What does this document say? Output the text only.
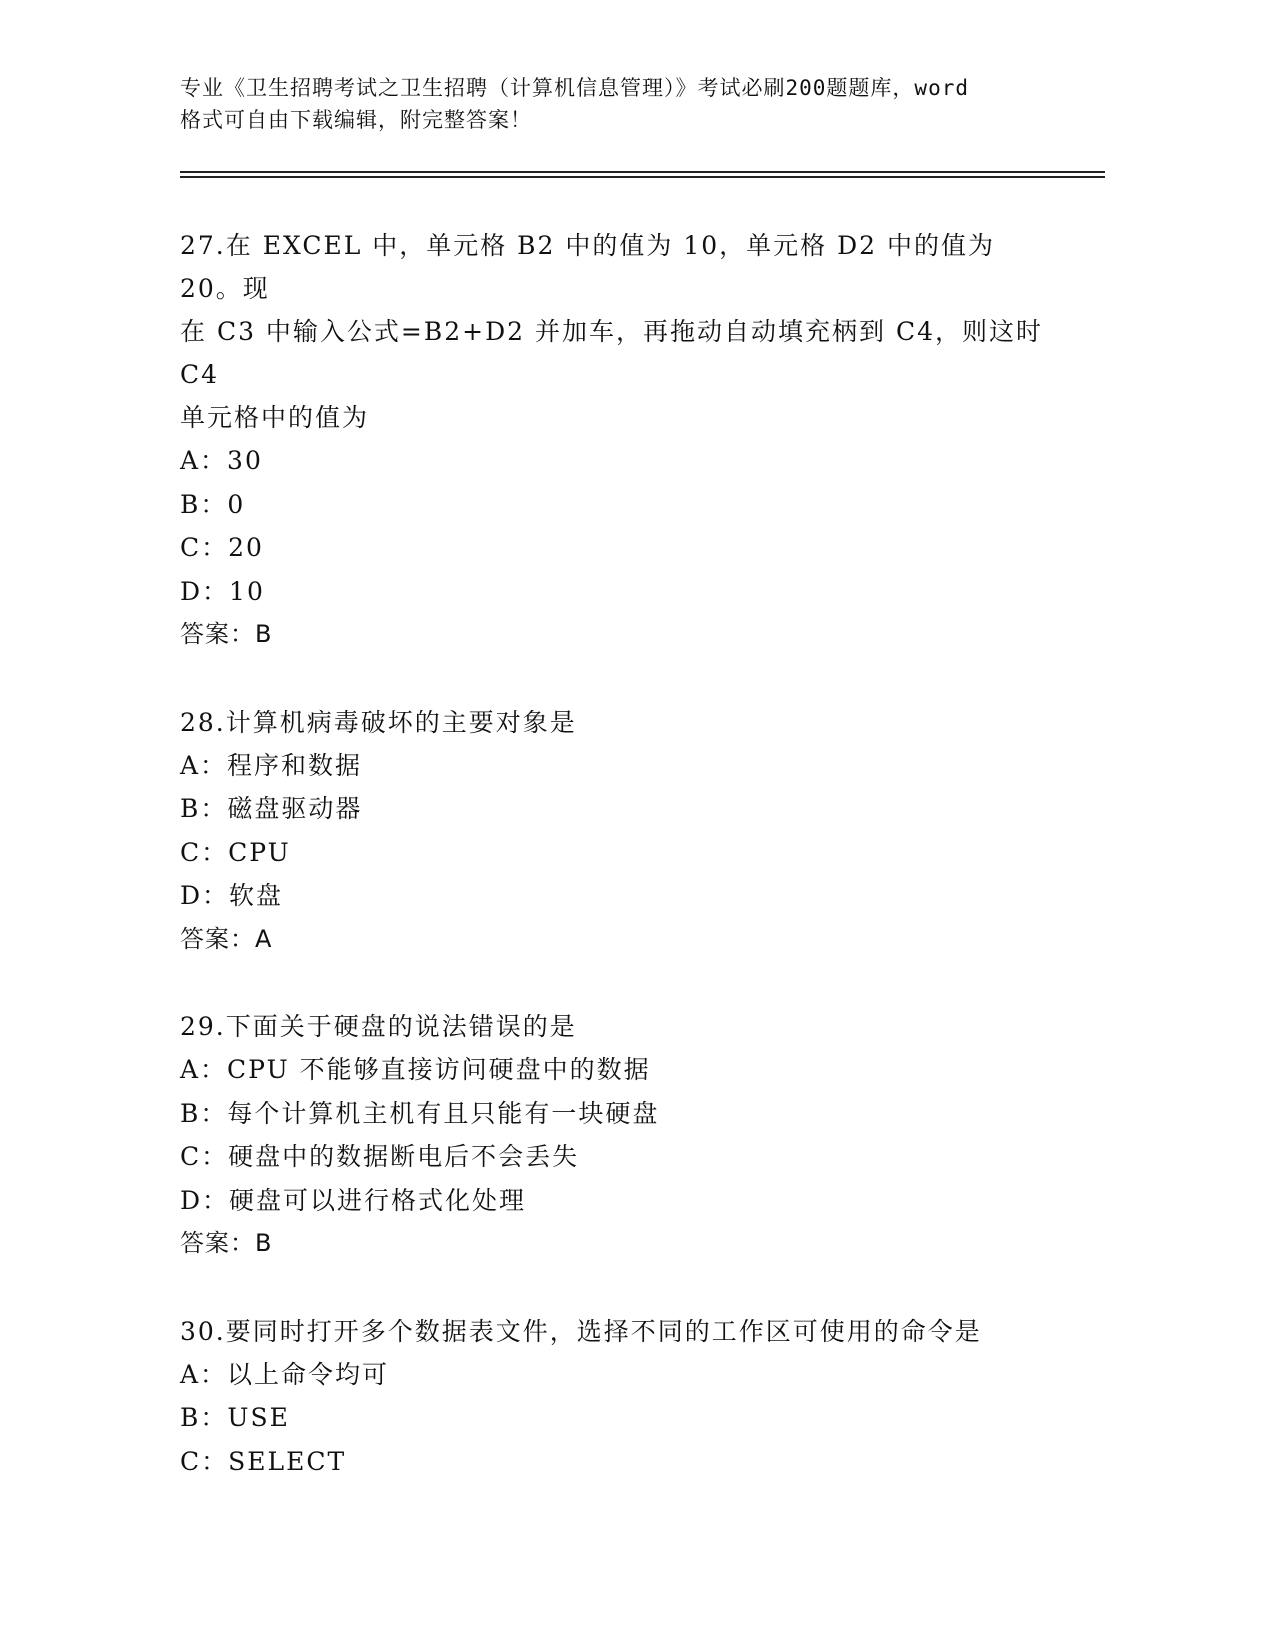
专业《卫生招聘考试之卫生招聘（计算机信息管理）》考试必刷200题题库，word

格式可自由下载编辑，附完整答案！

27.在 EXCEL 中，单元格 B2 中的值为 10，单元格 D2 中的值为 20。现

在 C3 中输入公式=B2+D2 并加车，再拖动自动填充柄到 C4，则这时 C4

单元格中的值为

A：30

B：0

C：20

D：10

答案：B

28.计算机病毒破坏的主要对象是

A：程序和数据

B：磁盘驱动器

C：CPU

D：软盘

答案：A

29.下面关于硬盘的说法错误的是

A：CPU 不能够直接访问硬盘中的数据

B：每个计算机主机有且只能有一块硬盘

C：硬盘中的数据断电后不会丢失

D：硬盘可以进行格式化处理

答案：B

30.要同时打开多个数据表文件，选择不同的工作区可使用的命令是

A：以上命令均可

B：USE

C：SELECT
